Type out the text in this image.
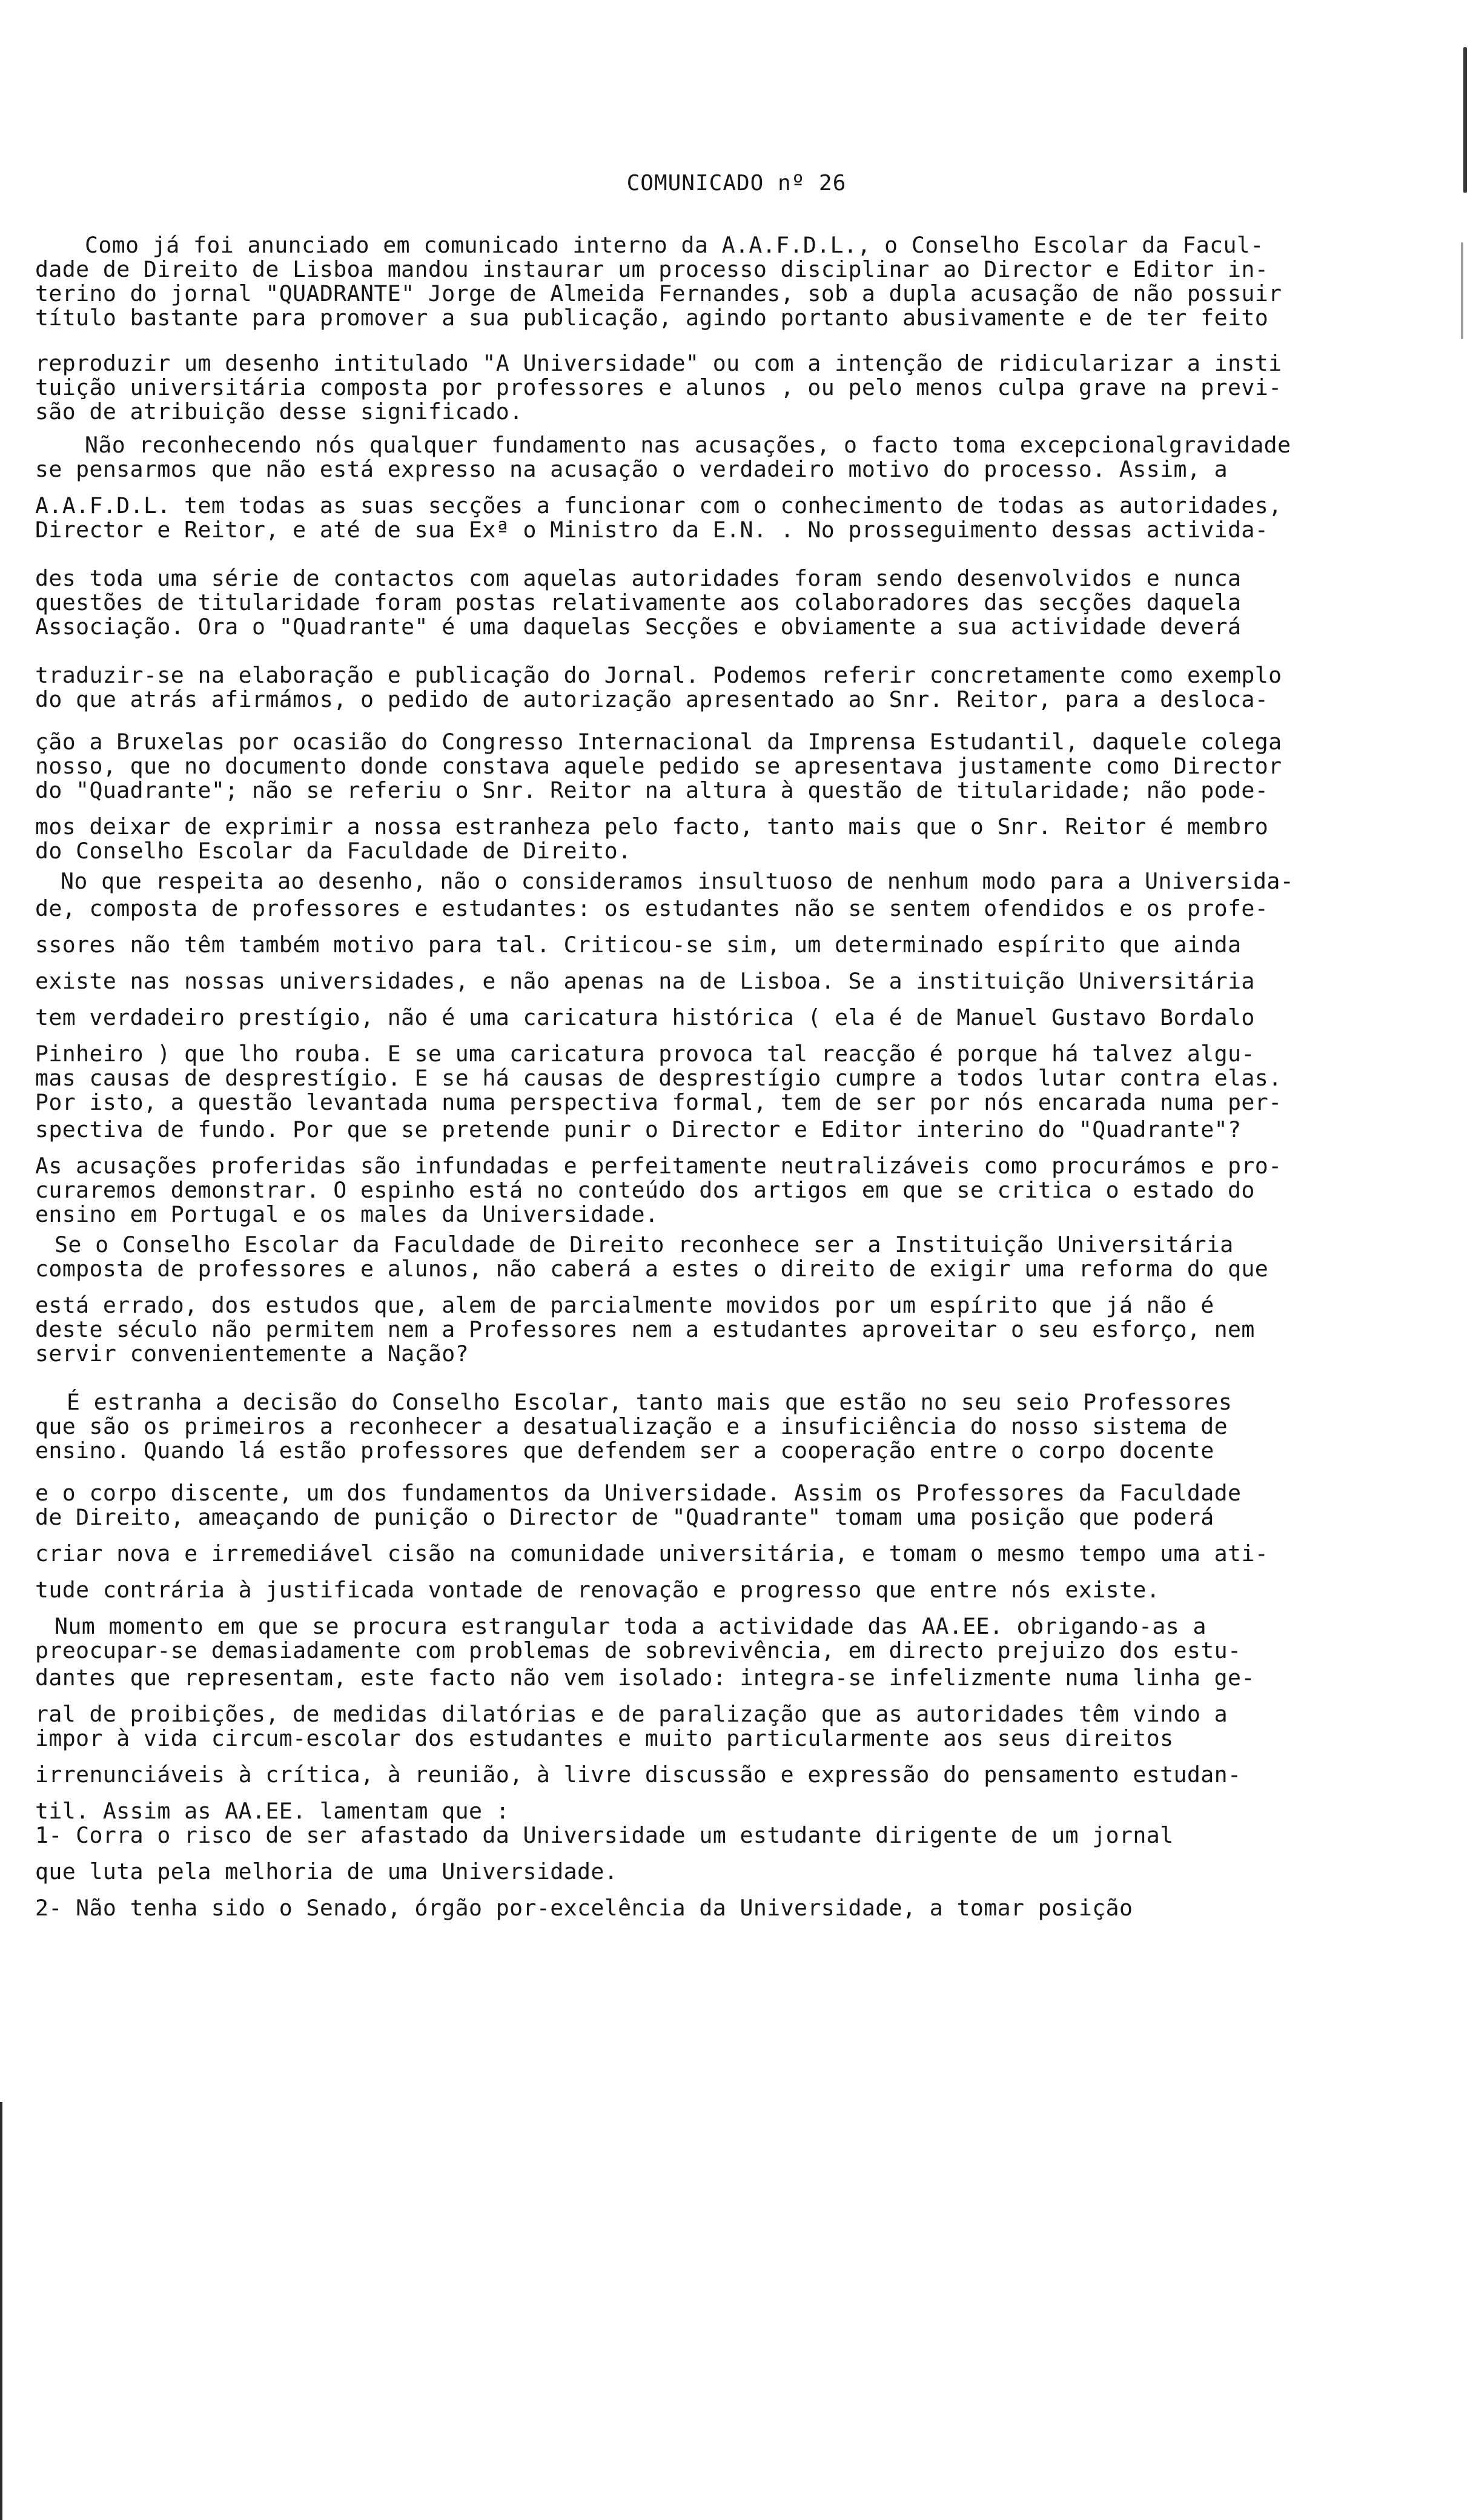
COMUNICADO nº 26
Como já foi anunciado em comunicado interno da A.A.F.D.L., o Conselho Escolar da Facul-
dade de Direito de Lisboa mandou instaurar um processo disciplinar ao Director e Editor in-
terino do jornal "QUADRANTE" Jorge de Almeida Fernandes, sob a dupla acusação de não possuir
título bastante para promover a sua publicação, agindo portanto abusivamente e de ter feito
reproduzir um desenho intitulado "A Universidade" ou com a intenção de ridicularizar a insti
tuição universitária composta por professores e alunos , ou pelo menos culpa grave na previ-
são de atribuição desse significado.
Não reconhecendo nós qualquer fundamento nas acusações, o facto toma excepcionalgravidade
se pensarmos que não está expresso na acusação o verdadeiro motivo do processo. Assim, a
A.A.F.D.L. tem todas as suas secções a funcionar com o conhecimento de todas as autoridades,
Director e Reitor, e até de sua Exª o Ministro da E.N. . No prosseguimento dessas activida-
des toda uma série de contactos com aquelas autoridades foram sendo desenvolvidos e nunca
questões de titularidade foram postas relativamente aos colaboradores das secções daquela
Associação. Ora o "Quadrante" é uma daquelas Secções e obviamente a sua actividade deverá
traduzir-se na elaboração e publicação do Jornal. Podemos referir concretamente como exemplo
do que atrás afirmámos, o pedido de autorização apresentado ao Snr. Reitor, para a desloca-
ção a Bruxelas por ocasião do Congresso Internacional da Imprensa Estudantil, daquele colega
nosso, que no documento donde constava aquele pedido se apresentava justamente como Director
do "Quadrante"; não se referiu o Snr. Reitor na altura à questão de titularidade; não pode-
mos deixar de exprimir a nossa estranheza pelo facto, tanto mais que o Snr. Reitor é membro
do Conselho Escolar da Faculdade de Direito.
No que respeita ao desenho, não o consideramos insultuoso de nenhum modo para a Universida-
de, composta de professores e estudantes: os estudantes não se sentem ofendidos e os profe-
ssores não têm também motivo para tal. Criticou-se sim, um determinado espírito que ainda
existe nas nossas universidades, e não apenas na de Lisboa. Se a instituição Universitária
tem verdadeiro prestígio, não é uma caricatura histórica ( ela é de Manuel Gustavo Bordalo
Pinheiro ) que lho rouba. E se uma caricatura provoca tal reacção é porque há talvez algu-
mas causas de desprestígio. E se há causas de desprestígio cumpre a todos lutar contra elas.
Por isto, a questão levantada numa perspectiva formal, tem de ser por nós encarada numa per-
spectiva de fundo. Por que se pretende punir o Director e Editor interino do "Quadrante"?
As acusações proferidas são infundadas e perfeitamente neutralizáveis como procurámos e pro-
curaremos demonstrar. O espinho está no conteúdo dos artigos em que se critica o estado do
ensino em Portugal e os males da Universidade.
Se o Conselho Escolar da Faculdade de Direito reconhece ser a Instituição Universitária
composta de professores e alunos, não caberá a estes o direito de exigir uma reforma do que
está errado, dos estudos que, alem de parcialmente movidos por um espírito que já não é
deste século não permitem nem a Professores nem a estudantes aproveitar o seu esforço, nem
servir convenientemente a Nação?
É estranha a decisão do Conselho Escolar, tanto mais que estão no seu seio Professores
que são os primeiros a reconhecer a desatualização e a insuficiência do nosso sistema de
ensino. Quando lá estão professores que defendem ser a cooperação entre o corpo docente
e o corpo discente, um dos fundamentos da Universidade. Assim os Professores da Faculdade
de Direito, ameaçando de punição o Director de "Quadrante" tomam uma posição que poderá
criar nova e irremediável cisão na comunidade universitária, e tomam o mesmo tempo uma ati-
tude contrária à justificada vontade de renovação e progresso que entre nós existe.
Num momento em que se procura estrangular toda a actividade das AA.EE. obrigando-as a
preocupar-se demasiadamente com problemas de sobrevivência, em directo prejuizo dos estu-
dantes que representam, este facto não vem isolado: integra-se infelizmente numa linha ge-
ral de proibições, de medidas dilatórias e de paralização que as autoridades têm vindo a
impor à vida circum-escolar dos estudantes e muito particularmente aos seus direitos
irrenunciáveis à crítica, à reunião, à livre discussão e expressão do pensamento estudan-
til. Assim as AA.EE. lamentam que :
1- Corra o risco de ser afastado da Universidade um estudante dirigente de um jornal
que luta pela melhoria de uma Universidade.
2- Não tenha sido o Senado, órgão por-excelência da Universidade, a tomar posição
